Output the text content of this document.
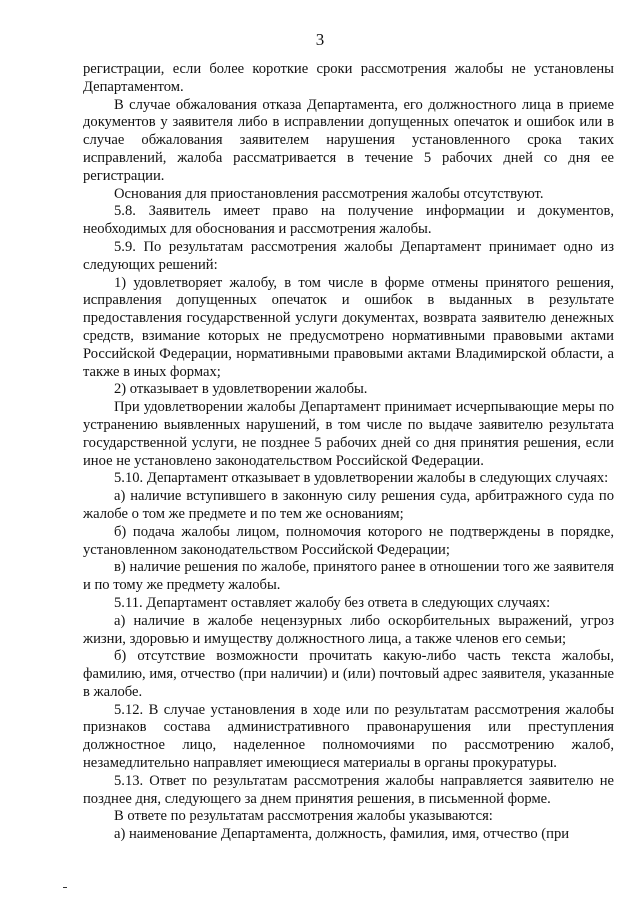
3

регистрации, если более короткие сроки рассмотрения жалобы не установлены Департаментом.

В случае обжалования отказа Департамента, его должностного лица в приеме документов у заявителя либо в исправлении допущенных опечаток и ошибок или в случае обжалования заявителем нарушения установленного срока таких исправлений, жалоба рассматривается в течение 5 рабочих дней со дня ее регистрации.

Основания для приостановления рассмотрения жалобы отсутствуют.

5.8. Заявитель имеет право на получение информации и документов, необходимых для обоснования и рассмотрения жалобы.

5.9. По результатам рассмотрения жалобы Департамент принимает одно из следующих решений:

1) удовлетворяет жалобу, в том числе в форме отмены принятого решения, исправления допущенных опечаток и ошибок в выданных в результате предоставления государственной услуги документах, возврата заявителю денежных средств, взимание которых не предусмотрено нормативными правовыми актами Российской Федерации, нормативными правовыми актами Владимирской области, а также в иных формах;

2) отказывает в удовлетворении жалобы.

При удовлетворении жалобы Департамент принимает исчерпывающие меры по устранению выявленных нарушений, в том числе по выдаче заявителю результата государственной услуги, не позднее 5 рабочих дней со дня принятия решения, если иное не установлено законодательством Российской Федерации.

5.10. Департамент отказывает в удовлетворении жалобы в следующих случаях:

а) наличие вступившего в законную силу решения суда, арбитражного суда по жалобе о том же предмете и по тем же основаниям;

б) подача жалобы лицом, полномочия которого не подтверждены в порядке, установленном законодательством Российской Федерации;

в) наличие решения по жалобе, принятого ранее в отношении того же заявителя и по тому же предмету жалобы.

5.11. Департамент оставляет жалобу без ответа в следующих случаях:

а) наличие в жалобе нецензурных либо оскорбительных выражений, угроз жизни, здоровью и имуществу должностного лица, а также членов его семьи;

б) отсутствие возможности прочитать какую-либо часть текста жалобы, фамилию, имя, отчество (при наличии) и (или) почтовый адрес заявителя, указанные в жалобе.

5.12. В случае установления в ходе или по результатам рассмотрения жалобы признаков состава административного правонарушения или преступления должностное лицо, наделенное полномочиями по рассмотрению жалоб, незамедлительно направляет имеющиеся материалы в органы прокуратуры.

5.13. Ответ по результатам рассмотрения жалобы направляется заявителю не позднее дня, следующего за днем принятия решения, в письменной форме.

В ответе по результатам рассмотрения жалобы указываются:

а) наименование Департамента, должность, фамилия, имя, отчество (при
